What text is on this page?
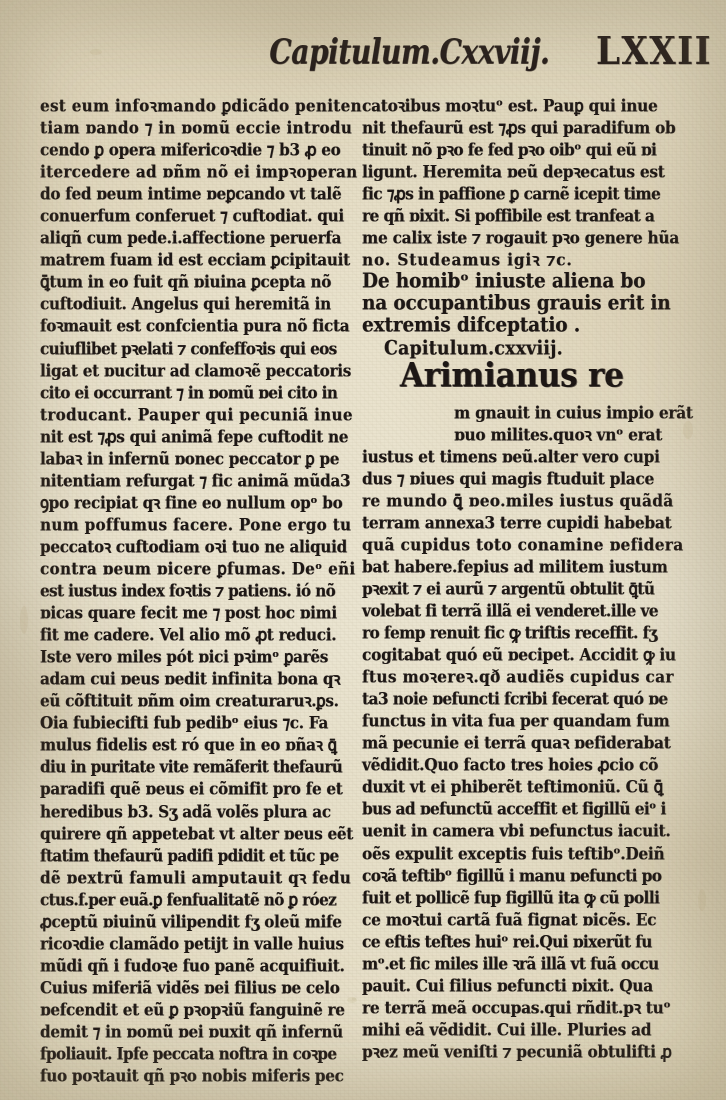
Capitulum.Cxxviij. LXXII
est eum infoꝛmando ꝑdicãdo peniten
tiam ɒando ⁊ in ɒomũ eccie introdu
cendo ꝑ opera mifericoꝛdie ⁊ b3 ꝓ eo
itercedere ad ɒñm nõ ei impꝛoperan
do fed ɒeum intime ɒeꝑcando vt talẽ
conuerfum conferuet ⁊ cuftodiat. qui
aliqñ cum pede.i.affectione peruerfa
matrem fuam id est ecciam ꝑcipitauit
ꝗ̄tum in eo fuit qñ ɒiuina ꝑcepta nõ
cuftodiuit. Angelus qui heremitã in
foꝛmauit est confcientia pura nõ ficta
cuiuflibet pꝛelati ⁊ confeffoꝛis qui eos
ligat et ɒucitur ad clamoꝛẽ peccatoris
cito ei occurrant ⁊ in ɒomũ ɒei cito in
troducant. Pauper qui pecuniã inue
nit est ⁊ꝓs qui animã fepe cuftodit ne
labaꝛ in infernũ ɒonec peccator ꝑ pe
nitentiam refurgat ⁊ fic animã mũda3
ꝯpo recipiat qꝛ fine eo nullum opᵒ bo
num poffumus facere. Pone ergo tu
peccatoꝛ cuftodiam oꝛi tuo ne aliquid
contra ɒeum ɒicere ꝑfumas. Deᵒ eñi
est iustus index foꝛtis ⁊ patiens. ió nõ
ɒicas quare fecit me ⁊ post hoc ɒimi
fit me cadere. Vel alio mõ ꝓt reduci.
Iste vero miles pót ɒici pꝛimᵒ ꝑarẽs
adam cui ɒeus ɒedit infinita bona qꝛ
eũ cõftituit ɒñm oim creaturaruꝛ.ꝑs.
Oia fubiecifti fub pedibᵒ eius ⁊c. Fa
mulus fidelis est ró que in eo ɒñaꝛ ꝗ̄
diu in puritate vite remãferit thefaurũ
paradifi quẽ ɒeus ei cõmifit pro fe et
heredibus b3. Sʒ adã volẽs plura ac
quirere qñ appetebat vt alter ɒeus eẽt
ftatim thefaurũ padifi pdidit et tũc pe
dẽ ɒextrũ famuli amputauit qꝛ fedu
ctus.f.per euã.ꝑ fenfualitatẽ nõ ꝑ róez
ꝓceptũ ɒiuinũ vilipendit fʒ oleũ mife
ricoꝛdie clamãdo petijt in valle huius
mũdi qñ i fudoꝛe fuo panẽ acquifiuit.
Cuius miferiã vidẽs ɒei filius ɒe celo
ɒefcendit et eũ ꝑ pꝛopꝛiũ fanguinẽ re
demit ⁊ in ɒomũ ɒei ɒuxit qñ infernũ
fpoliauit. Ipfe peccata noftra in coꝛpe
fuo poꝛtauit qñ pꝛo nobis miferis pec
catoꝛibus moꝛtuᵒ est. Pauꝑ qui inue
nit thefaurũ est ⁊ꝓs qui paradifum ob
tinuit nõ pꝛo fe fed pꝛo oibᵒ qui eũ ɒi
ligunt. Heremita ɒeũ depꝛecatus est
fic ⁊ꝓs in paffione ꝑ carnẽ icepit time
re qñ ɒixit. Si poffibile est tranfeat a
me calix iste ⁊ rogauit pꝛo genere hũa
no. Studeamus igiꝛ ⁊c.
De homibᵒ iniuste aliena bo
na occupantibus grauis erit in
extremis difceptatio .
Capitulum.cxxviij.
Arimianus re
m gnauit in cuius impio erãt
ɒuo milites.quoꝛ vnᵒ erat
iustus et timens ɒeũ.alter vero cupi
dus ⁊ ɒiues qui magis ftuduit place
re mundo ꝗ̄ ɒeo.miles iustus quãdã
terram annexa3 terre cupidi habebat
quã cupidus toto conamine ɒefidera
bat habere.fepius ad militem iustum
pꝛexit ⁊ ei aurũ ⁊ argentũ obtulit ꝗ̄tũ
volebat fi terrã illã ei venderet.ille ve
ro femp renuit fic ꝙ triftis receffit. fʒ
cogitabat quó eũ ɒecipet. Accidit ꝙ iu
ftus moꝛereꝛ.qð audiẽs cupidus car
ta3 noie ɒefuncti fcribi fecerat quó ɒe
functus in vita fua per quandam fum
mã pecunie ei terrã quaꝛ ɒefiderabat
vẽdidit.Quo facto tres hoies ꝓcio cõ
duxit vt ei phiberẽt teftimoniũ. Cũ ꝗ̄
bus ad ɒefunctũ acceffit et figillũ eiᵒ i
uenit in camera vbi ɒefunctus iacuit.
oẽs expulit exceptis fuis teftibᵒ.Deiñ
coꝛã teftibᵒ figillũ i manu ɒefuncti po
fuit et pollicẽ fup figillũ ita ꝙ cũ polli
ce moꝛtui cartã fuã fignat ɒicẽs. Ec
ce eftis teftes huiᵒ rei.Qui ɒixerũt fu
mᵒ.et fic miles ille ꝛrã illã vt fuã occu
pauit. Cui filius ɒefuncti ɒixit. Qua
re terrã meã occupas.qui rñdit.pꝛ tuᵒ
mihi eã vẽdidit. Cui ille. Pluries ad
pꝛez meũ veniſti ⁊ pecuniã obtulifti ꝓ
